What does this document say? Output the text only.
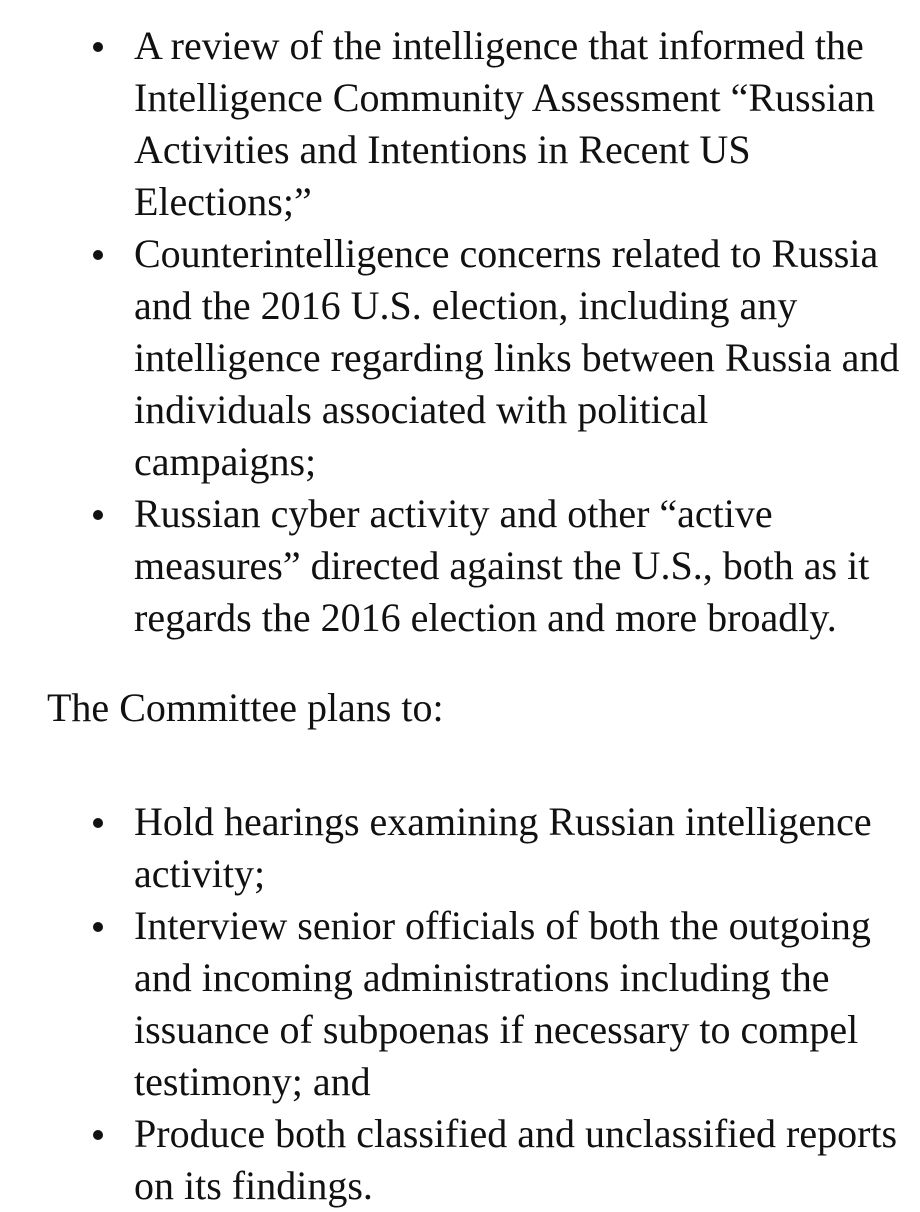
A review of the intelligence that informed the Intelligence Community Assessment “Russian Activities and Intentions in Recent US Elections;”
Counterintelligence concerns related to Russia and the 2016 U.S. election, including any intelligence regarding links between Russia and individuals associated with political campaigns;
Russian cyber activity and other “active measures” directed against the U.S., both as it regards the 2016 election and more broadly.

The Committee plans to:

Hold hearings examining Russian intelligence activity;
Interview senior officials of both the outgoing and incoming administrations including the issuance of subpoenas if necessary to compel testimony; and
Produce both classified and unclassified reports on its findings.
